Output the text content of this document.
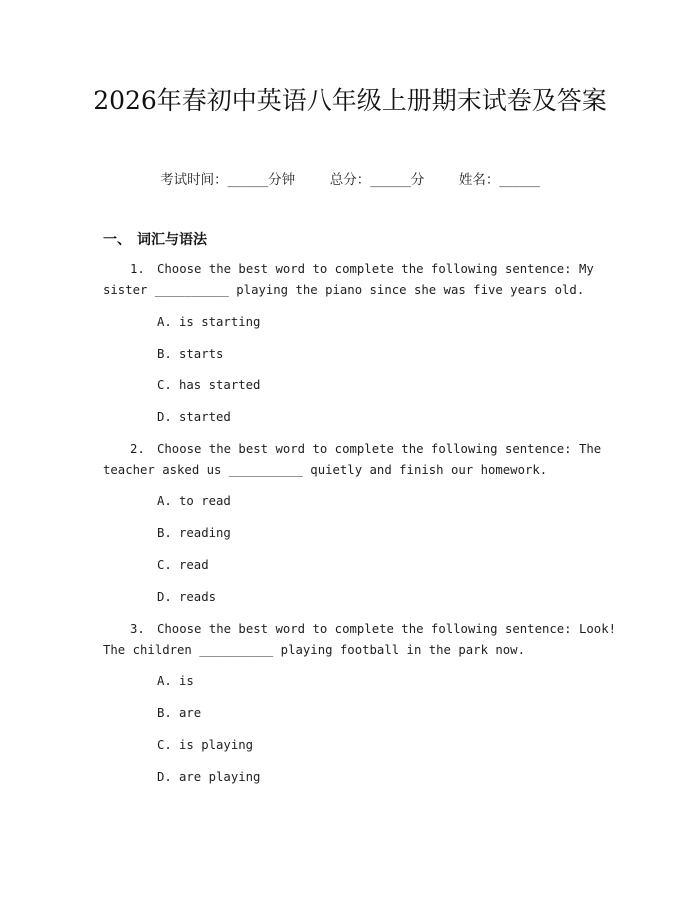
2026年春初中英语八年级上册期末试卷及答案
考试时间：______分钟	总分：______分	姓名：______
一、 词汇与语法
1. Choose the best word to complete the following sentence: My
sister __________ playing the piano since she was five years old.
A. is starting
B. starts
C. has started
D. started
2. Choose the best word to complete the following sentence: The
teacher asked us __________ quietly and finish our homework.
A. to read
B. reading
C. read
D. reads
3. Choose the best word to complete the following sentence: Look!
The children __________ playing football in the park now.
A. is
B. are
C. is playing
D. are playing
